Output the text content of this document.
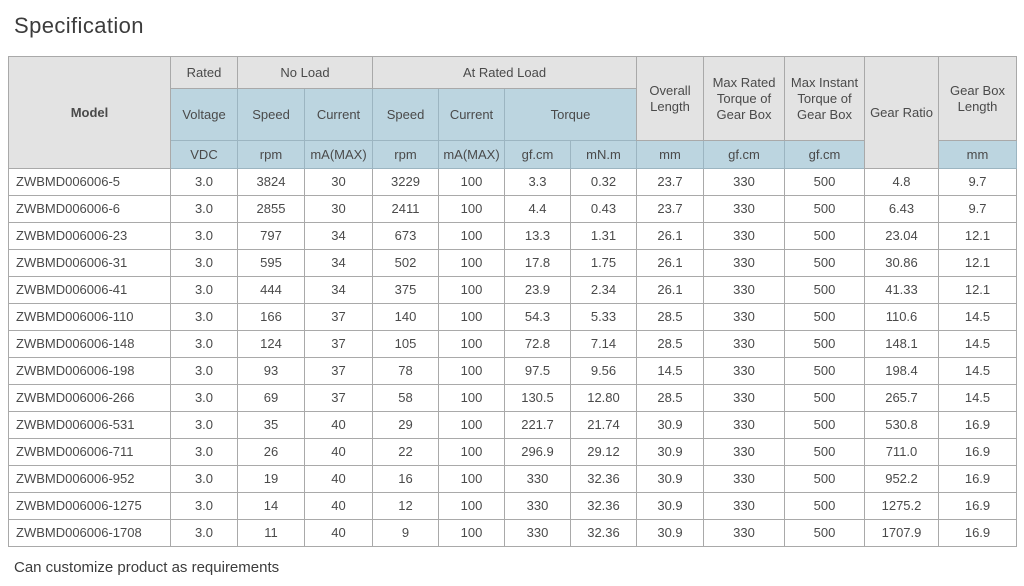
Specification
Model	Rated	No Load		At Rated Load				Overall Length	Max Rated Torque of Gear Box	Max Instant Torque of Gear Box	Gear Ratio	Gear Box Length
	Voltage	Speed	Current	Speed	Current	Torque						
	VDC	rpm	mA(MAX)	rpm	mA(MAX)	gf.cm	mN.m	mm	gf.cm	gf.cm		mm
ZWBMD006006-5	3.0	3824	30	3229	100	3.3	0.32	23.7	330	500	4.8	9.7
ZWBMD006006-6	3.0	2855	30	2411	100	4.4	0.43	23.7	330	500	6.43	9.7
ZWBMD006006-23	3.0	797	34	673	100	13.3	1.31	26.1	330	500	23.04	12.1
ZWBMD006006-31	3.0	595	34	502	100	17.8	1.75	26.1	330	500	30.86	12.1
ZWBMD006006-41	3.0	444	34	375	100	23.9	2.34	26.1	330	500	41.33	12.1
ZWBMD006006-110	3.0	166	37	140	100	54.3	5.33	28.5	330	500	110.6	14.5
ZWBMD006006-148	3.0	124	37	105	100	72.8	7.14	28.5	330	500	148.1	14.5
ZWBMD006006-198	3.0	93	37	78	100	97.5	9.56	14.5	330	500	198.4	14.5
ZWBMD006006-266	3.0	69	37	58	100	130.5	12.80	28.5	330	500	265.7	14.5
ZWBMD006006-531	3.0	35	40	29	100	221.7	21.74	30.9	330	500	530.8	16.9
ZWBMD006006-711	3.0	26	40	22	100	296.9	29.12	30.9	330	500	711.0	16.9
ZWBMD006006-952	3.0	19	40	16	100	330	32.36	30.9	330	500	952.2	16.9
ZWBMD006006-1275	3.0	14	40	12	100	330	32.36	30.9	330	500	1275.2	16.9
ZWBMD006006-1708	3.0	11	40	9	100	330	32.36	30.9	330	500	1707.9	16.9
Can customize product as requirements
